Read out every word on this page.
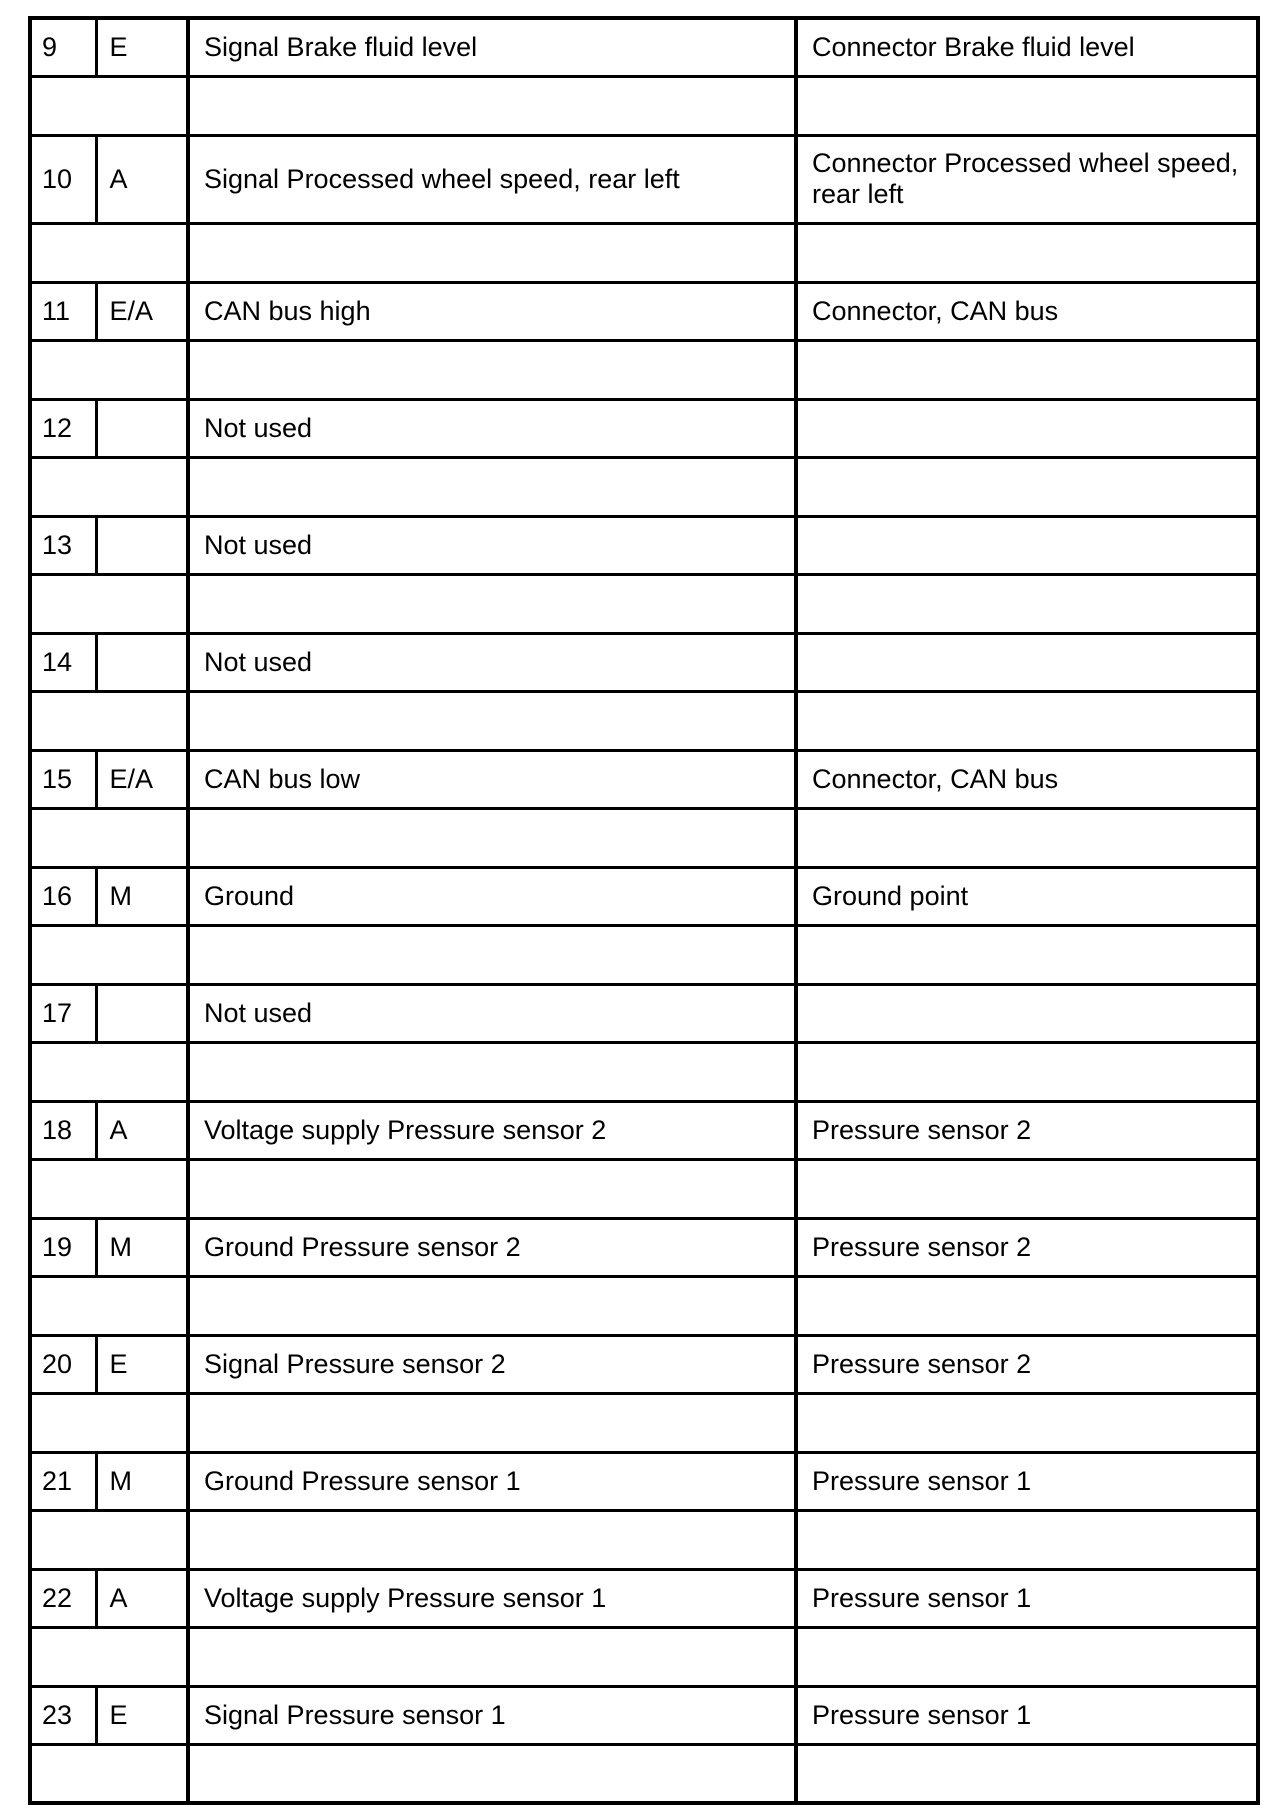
9	E	Signal Brake fluid level	Connector Brake fluid level

10	A	Signal Processed wheel speed, rear left	Connector Processed wheel speed, rear left

11	E/A	CAN bus high	Connector, CAN bus

12		Not used	

13		Not used	

14		Not used	

15	E/A	CAN bus low	Connector, CAN bus

16	M	Ground	Ground point

17		Not used	

18	A	Voltage supply Pressure sensor 2	Pressure sensor 2

19	M	Ground Pressure sensor 2	Pressure sensor 2

20	E	Signal Pressure sensor 2	Pressure sensor 2

21	M	Ground Pressure sensor 1	Pressure sensor 1

22	A	Voltage supply Pressure sensor 1	Pressure sensor 1

23	E	Signal Pressure sensor 1	Pressure sensor 1
